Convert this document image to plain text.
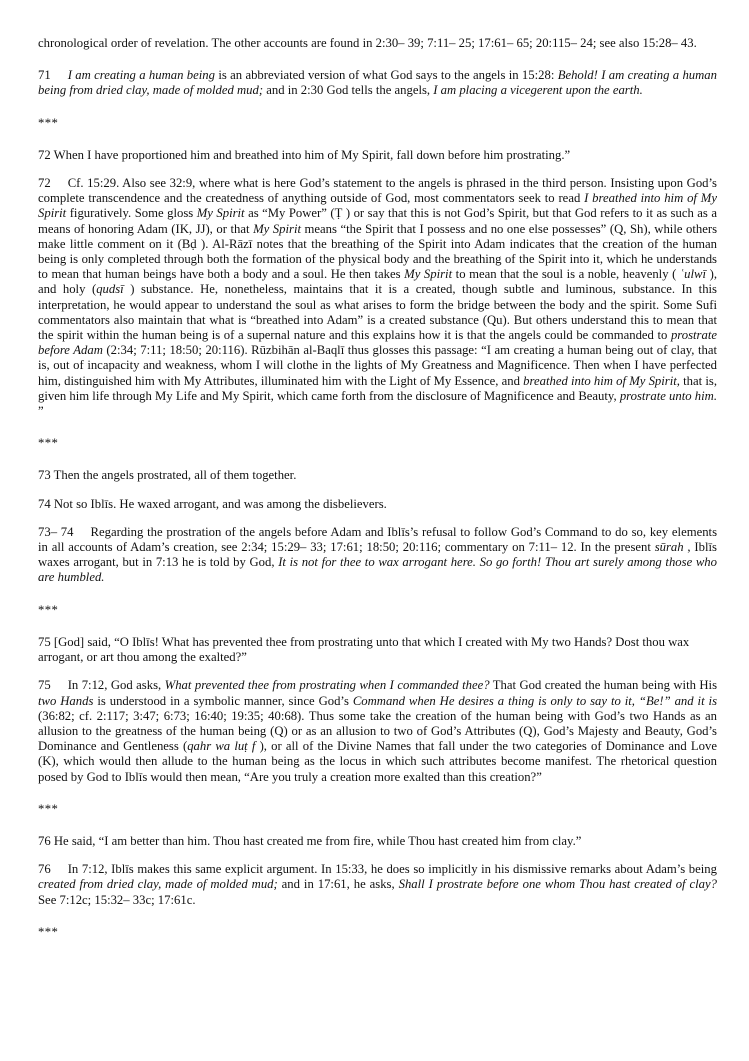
chronological order of revelation. The other accounts are found in 2:30– 39; 7:11– 25; 17:61– 65; 20:115– 24; see also 15:28– 43.

71 I am creating a human being is an abbreviated version of what God says to the angels in 15:28: Behold! I am creating a human being from dried clay, made of molded mud; and in 2:30 God tells the angels, I am placing a vicegerent upon the earth.

***

72 When I have proportioned him and breathed into him of My Spirit, fall down before him prostrating.”

72 Cf. 15:29. Also see 32:9, where what is here God’s statement to the angels is phrased in the third person. Insisting upon God’s complete transcendence and the createdness of anything outside of God, most commentators seek to read I breathed into him of My Spirit figuratively. Some gloss My Spirit as “My Power” (Ṭ ) or say that this is not God’s Spirit, but that God refers to it as such as a means of honoring Adam (IK, JJ), or that My Spirit means “the Spirit that I possess and no one else possesses” (Q, Sh), while others make little comment on it (Bḍ ). Al-Rāzī notes that the breathing of the Spirit into Adam indicates that the creation of the human being is only completed through both the formation of the physical body and the breathing of the Spirit into it, which he understands to mean that human beings have both a body and a soul. He then takes My Spirit to mean that the soul is a noble, heavenly ( ʿulwī ), and holy (qudsī ) substance. He, nonetheless, maintains that it is a created, though subtle and luminous, substance. In this interpretation, he would appear to understand the soul as what arises to form the bridge between the body and the spirit. Some Sufi commentators also maintain that what is “breathed into Adam” is a created substance (Qu). But others understand this to mean that the spirit within the human being is of a supernal nature and this explains how it is that the angels could be commanded to prostrate before Adam (2:34; 7:11; 18:50; 20:116). Rūzbihān al-Baqlī thus glosses this passage: “I am creating a human being out of clay, that is, out of incapacity and weakness, whom I will clothe in the lights of My Greatness and Magnificence. Then when I have perfected him, distinguished him with My Attributes, illuminated him with the Light of My Essence, and breathed into him of My Spirit, that is, given him life through My Life and My Spirit, which came forth from the disclosure of Magnificence and Beauty, prostrate unto him. ”

***

73 Then the angels prostrated, all of them together.

74 Not so Iblīs. He waxed arrogant, and was among the disbelievers.

73– 74 Regarding the prostration of the angels before Adam and Iblīs’s refusal to follow God’s Command to do so, key elements in all accounts of Adam’s creation, see 2:34; 15:29– 33; 17:61; 18:50; 20:116; commentary on 7:11– 12. In the present sūrah , Iblīs waxes arrogant, but in 7:13 he is told by God, It is not for thee to wax arrogant here. So go forth! Thou art surely among those who are humbled.

***

75 [God] said, “O Iblīs! What has prevented thee from prostrating unto that which I created with My two Hands? Dost thou wax arrogant, or art thou among the exalted?”

75 In 7:12, God asks, What prevented thee from prostrating when I commanded thee? That God created the human being with His two Hands is understood in a symbolic manner, since God’s Command when He desires a thing is only to say to it, “Be!” and it is (36:82; cf. 2:117; 3:47; 6:73; 16:40; 19:35; 40:68). Thus some take the creation of the human being with God’s two Hands as an allusion to the greatness of the human being (Q) or as an allusion to two of God’s Attributes (Q), God’s Majesty and Beauty, God’s Dominance and Gentleness (qahr wa luṭ f ), or all of the Divine Names that fall under the two categories of Dominance and Love (K), which would then allude to the human being as the locus in which such attributes become manifest. The rhetorical question posed by God to Iblīs would then mean, “Are you truly a creation more exalted than this creation?”

***

76 He said, “I am better than him. Thou hast created me from fire, while Thou hast created him from clay.”

76 In 7:12, Iblīs makes this same explicit argument. In 15:33, he does so implicitly in his dismissive remarks about Adam’s being created from dried clay, made of molded mud; and in 17:61, he asks, Shall I prostrate before one whom Thou hast created of clay? See 7:12c; 15:32– 33c; 17:61c.

***
